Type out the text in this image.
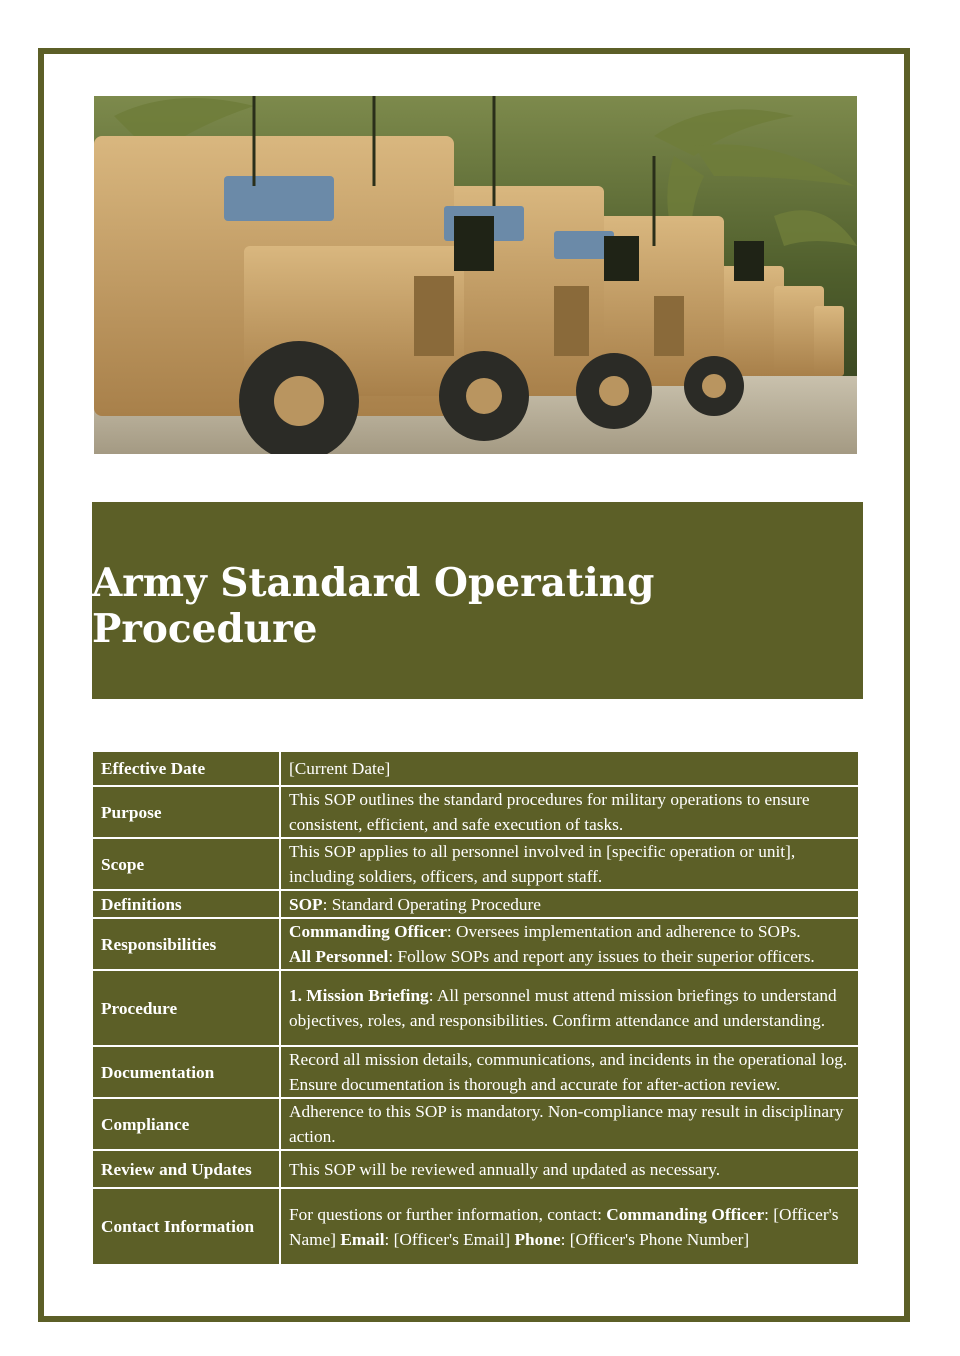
Army Standard Operating Procedure
Effective Date	[Current Date]
Purpose	This SOP outlines the standard procedures for military operations to ensure consistent, efficient, and safe execution of tasks.
Scope	This SOP applies to all personnel involved in [specific operation or unit], including soldiers, officers, and support staff.
Definitions	SOP: Standard Operating Procedure
Responsibilities	Commanding Officer: Oversees implementation and adherence to SOPs.
All Personnel: Follow SOPs and report any issues to their superior officers.
Procedure	1. Mission Briefing: All personnel must attend mission briefings to understand objectives, roles, and responsibilities. Confirm attendance and understanding.
Documentation	Record all mission details, communications, and incidents in the operational log. Ensure documentation is thorough and accurate for after-action review.
Compliance	Adherence to this SOP is mandatory. Non-compliance may result in disciplinary action.
Review and Updates	This SOP will be reviewed annually and updated as necessary.
Contact Information	For questions or further information, contact: Commanding Officer: [Officer's Name] Email: [Officer's Email] Phone: [Officer's Phone Number]
